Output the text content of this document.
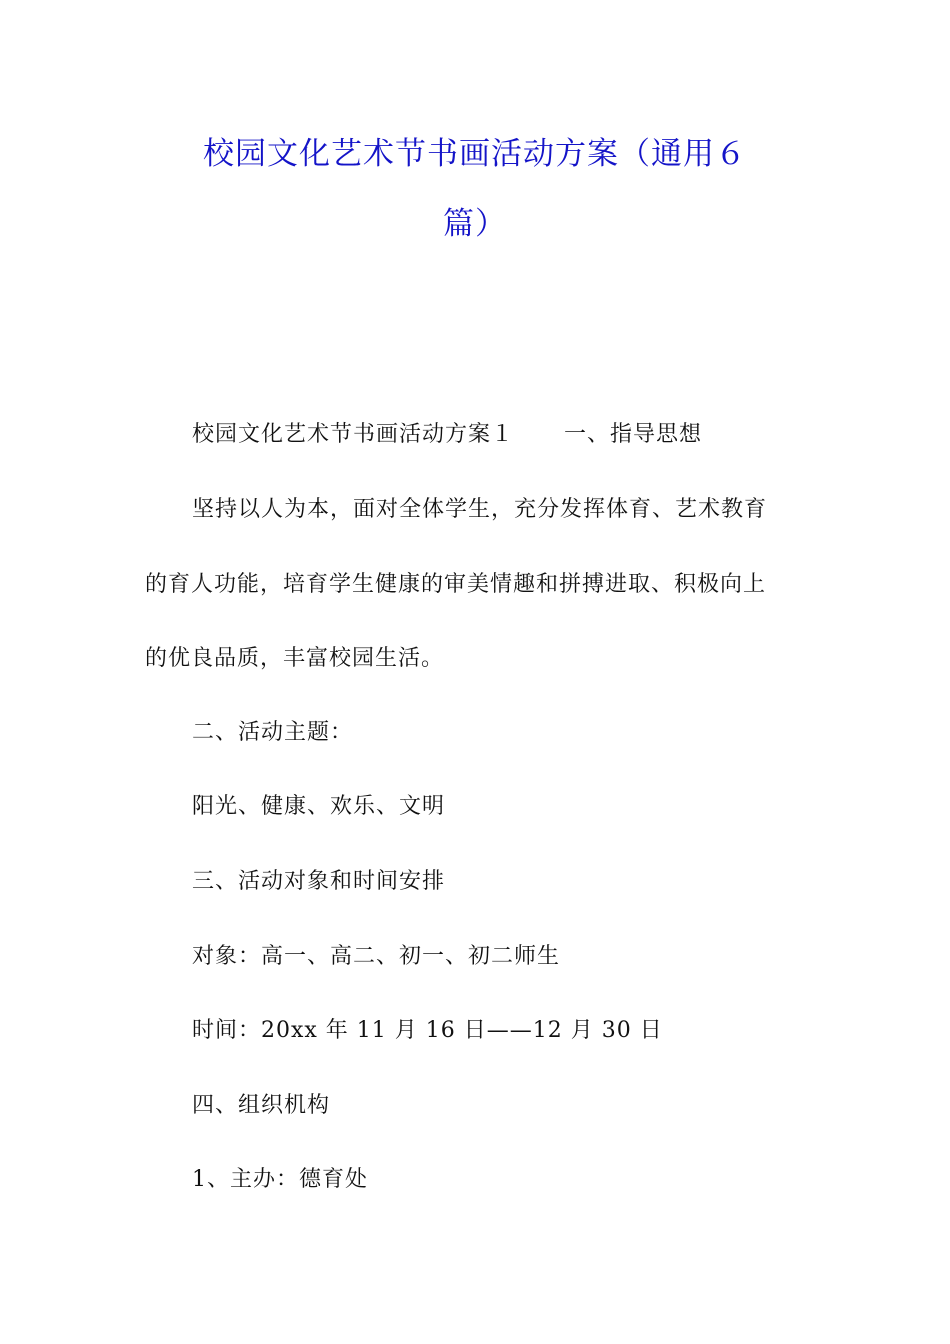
校园文化艺术节书画活动方案（通用６
篇）
校园文化艺术节书画活动方案１ 一、指导思想
坚持以人为本，面对全体学生，充分发挥体育、艺术教育
的育人功能，培育学生健康的审美情趣和拼搏进取、积极向上
的优良品质，丰富校园生活。
二、活动主题：
阳光、健康、欢乐、文明
三、活动对象和时间安排
对象：高一、高二、初一、初二师生
时间：20xx 年 11 月 16 日——12 月 30 日
四、组织机构
1、主办：德育处
